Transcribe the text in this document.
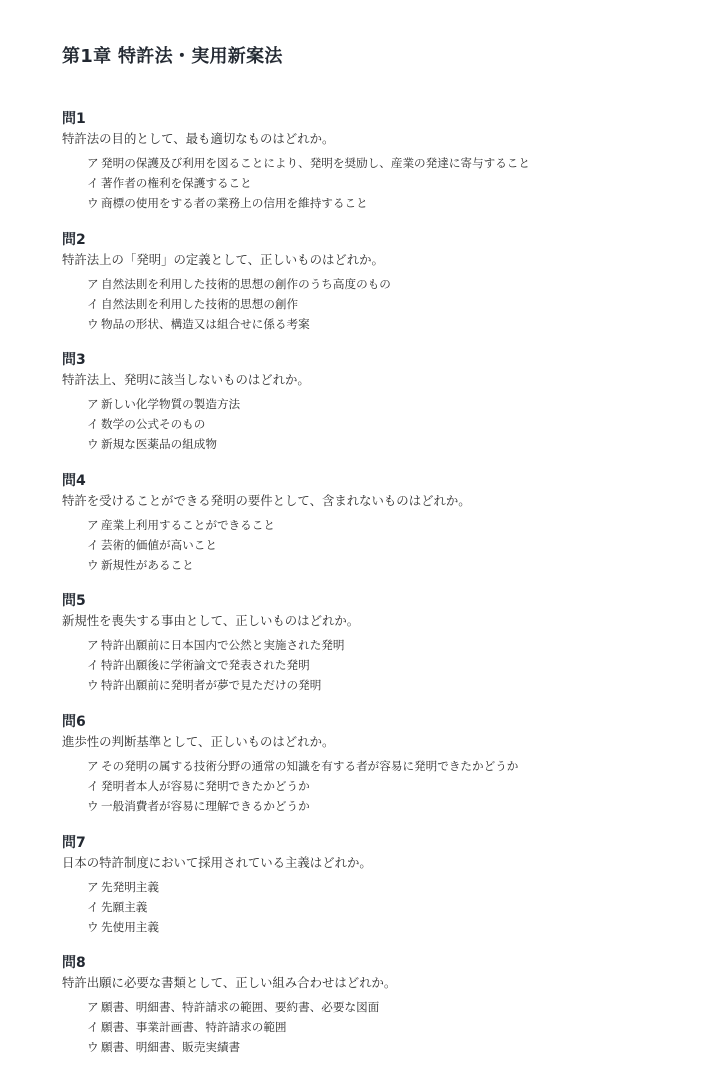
第1章 特許法・実用新案法
問1
特許法の目的として、最も適切なものはどれか。
ア 発明の保護及び利用を図ることにより、発明を奨励し、産業の発達に寄与すること
イ 著作者の権利を保護すること
ウ 商標の使用をする者の業務上の信用を維持すること
問2
特許法上の「発明」の定義として、正しいものはどれか。
ア 自然法則を利用した技術的思想の創作のうち高度のもの
イ 自然法則を利用した技術的思想の創作
ウ 物品の形状、構造又は組合せに係る考案
問3
特許法上、発明に該当しないものはどれか。
ア 新しい化学物質の製造方法
イ 数学の公式そのもの
ウ 新規な医薬品の組成物
問4
特許を受けることができる発明の要件として、含まれないものはどれか。
ア 産業上利用することができること
イ 芸術的価値が高いこと
ウ 新規性があること
問5
新規性を喪失する事由として、正しいものはどれか。
ア 特許出願前に日本国内で公然と実施された発明
イ 特許出願後に学術論文で発表された発明
ウ 特許出願前に発明者が夢で見ただけの発明
問6
進歩性の判断基準として、正しいものはどれか。
ア その発明の属する技術分野の通常の知識を有する者が容易に発明できたかどうか
イ 発明者本人が容易に発明できたかどうか
ウ 一般消費者が容易に理解できるかどうか
問7
日本の特許制度において採用されている主義はどれか。
ア 先発明主義
イ 先願主義
ウ 先使用主義
問8
特許出願に必要な書類として、正しい組み合わせはどれか。
ア 願書、明細書、特許請求の範囲、要約書、必要な図面
イ 願書、事業計画書、特許請求の範囲
ウ 願書、明細書、販売実績書
